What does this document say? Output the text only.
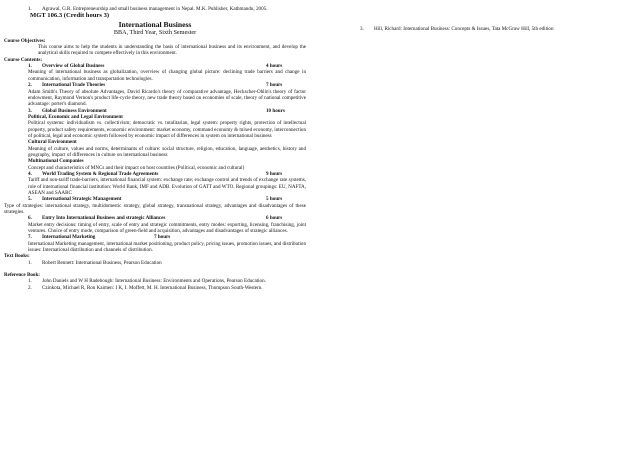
1.	Agrawal, G.R. Entrepreneurship and small business management in Nepal. M.K. Publisher, Kathmandu, 2005.
MGT 106.3 (Credit hours 3)
International Business
BBA, Third Year, Sixth Semester
Course Objectives:
This course aims to help the students in understanding the basis of international business and its environment, and develop the analytical skills required to compete effectively in this environment.
Course Contents:
1.	Overview of Global Business	4 hours
Meaning of international business as globalization, overview of changing global picture: declining trade barriers and change in communication, information and transportation technologies.
2.	International Trade Theories	7 hours
Adam Smith's Theory of absolute Advantages, David Ricardo's theory of comparative advantage, Heckscher-Ohlin's theory of factor endowment, Raymond Vernon's product life-cycle theory, new trade theory based on economies of scale, theory of national competitive advantage: porter's diamond.
3.	Global Business Environment	10 hours
Political, Economic and Legal Environment
Political systems: individualism vs. collectivism; democratic vs. totalitarian, legal system: property rights, protection of intellectual property, product safety requirements, economic environment: market economy, command economy & mixed economy, interconnection of political, legal and economic system followed by economic impact of differences in system on international business
Cultural Environment
Meaning of culture, values and norms, determinants of culture: social structure, religion, education, language, aesthetics, history and geography, impact of differences in culture on international business
Multinational Companies
Concept and characteristics of MNCs and their impact on host countries (Political, economic and cultural)
4.	World Trading System & Regional Trade Agreements	9 hours
Tariff and non-tariff trade-barriers, international financial system: exchange rate; exchange control and trends of exchange rate systems, role of international financial institution: World Bank, IMF and ADB. Evolution of GATT and WTO. Regional groupings: EU, NAFTA, ASEAN and SAARC
5.	International Strategic Management	5 hours
Type of strategies: international strategy, multidomestic strategy, global strategy, transnational strategy, advantages and disadvantages of these strategies.
6.	Entry Into International Business and strategic Alliances	6 hours
Market entry decisions: timing of entry, scale of entry and strategic commitments, entry modes: exporting, licensing, franchising, joint ventures. Choice of entry mode, comparison of green-field and acquisition, advantages and disadvantages of strategic alliances.
7.	International Marketing	7 hours
International Marketing management, international market positioning, product policy, pricing issues, promotion issues, and distribution issues: International distribution and channels of distribution.
Text Books:
1.	Robert Bennett: International Business, Pearson Education
Reference Book:
1.	John Daniels and W H Radebough: International Business: Environments and Operations, Pearson Education.
2.	Czinkota, Michael R, Ron Kaimen: I K, I. Moffett, M. H. International Business, Thompson South-Western.
3.	Hill, Richard: International Business: Concepts & Issues, Tata McGraw Hill, 5th edition
